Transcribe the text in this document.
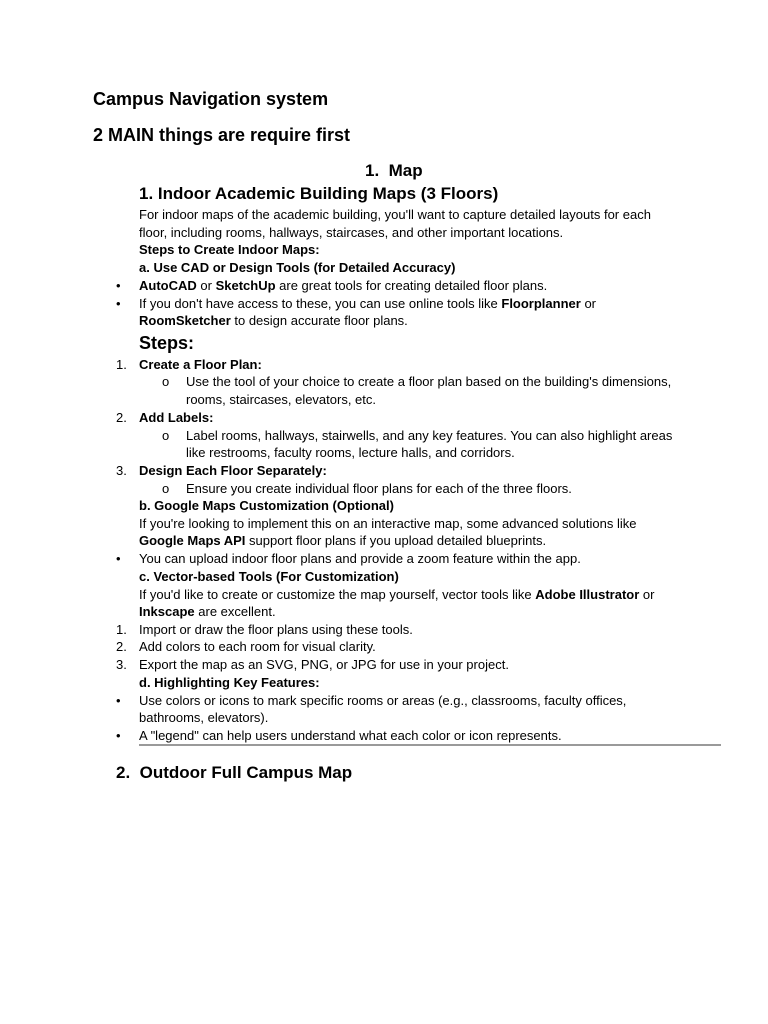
Campus Navigation system
2 MAIN things are require first
1. Map
1. Indoor Academic Building Maps (3 Floors)
For indoor maps of the academic building, you'll want to capture detailed layouts for each
floor, including rooms, hallways, staircases, and other important locations.
Steps to Create Indoor Maps:
a. Use CAD or Design Tools (for Detailed Accuracy)
• AutoCAD or SketchUp are great tools for creating detailed floor plans.
• If you don't have access to these, you can use online tools like Floorplanner or
RoomSketcher to design accurate floor plans.
Steps:
1. Create a Floor Plan:
o Use the tool of your choice to create a floor plan based on the building's dimensions,
rooms, staircases, elevators, etc.
2. Add Labels:
o Label rooms, hallways, stairwells, and any key features. You can also highlight areas
like restrooms, faculty rooms, lecture halls, and corridors.
3. Design Each Floor Separately:
o Ensure you create individual floor plans for each of the three floors.
b. Google Maps Customization (Optional)
If you're looking to implement this on an interactive map, some advanced solutions like
Google Maps API support floor plans if you upload detailed blueprints.
• You can upload indoor floor plans and provide a zoom feature within the app.
c. Vector-based Tools (For Customization)
If you'd like to create or customize the map yourself, vector tools like Adobe Illustrator or
Inkscape are excellent.
1. Import or draw the floor plans using these tools.
2. Add colors to each room for visual clarity.
3. Export the map as an SVG, PNG, or JPG for use in your project.
d. Highlighting Key Features:
• Use colors or icons to mark specific rooms or areas (e.g., classrooms, faculty offices,
bathrooms, elevators).
• A "legend" can help users understand what each color or icon represents.
2. Outdoor Full Campus Map
